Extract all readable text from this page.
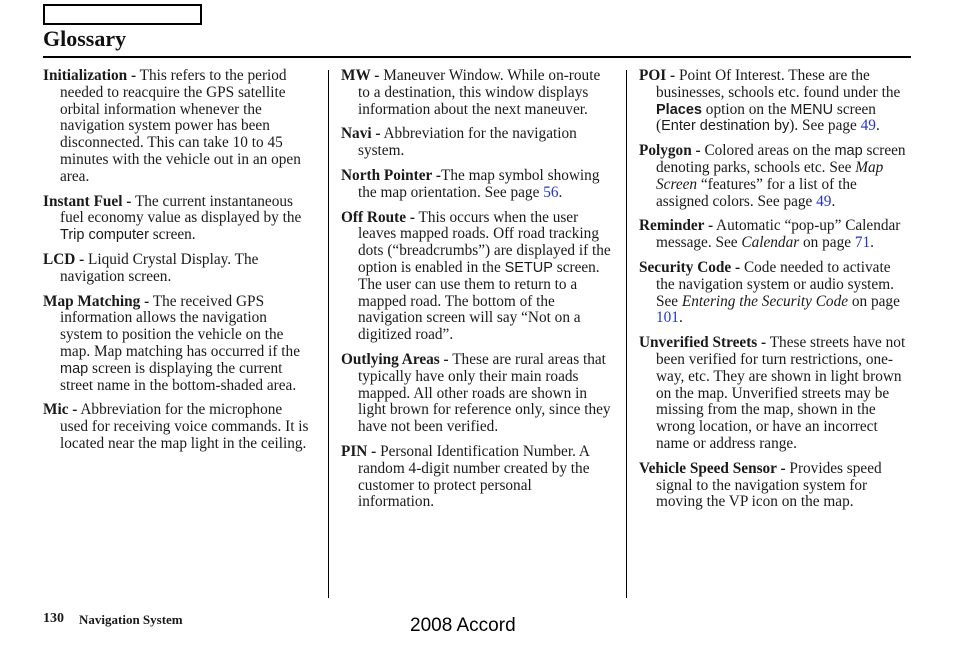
Glossary

Initialization - This refers to the period needed to reacquire the GPS satellite orbital information whenever the navigation system power has been disconnected. This can take 10 to 45 minutes with the vehicle out in an open area.

Instant Fuel - The current instantaneous fuel economy value as displayed by the Trip computer screen.

LCD - Liquid Crystal Display. The navigation screen.

Map Matching - The received GPS information allows the navigation system to position the vehicle on the map. Map matching has occurred if the map screen is displaying the current street name in the bottom-shaded area.

Mic - Abbreviation for the microphone used for receiving voice commands. It is located near the map light in the ceiling.

MW - Maneuver Window. While on-route to a destination, this window displays information about the next maneuver.

Navi - Abbreviation for the navigation system.

North Pointer -The map symbol showing the map orientation. See page 56.

Off Route - This occurs when the user leaves mapped roads. Off road tracking dots (“breadcrumbs”) are displayed if the option is enabled in the SETUP screen. The user can use them to return to a mapped road. The bottom of the navigation screen will say “Not on a digitized road”.

Outlying Areas - These are rural areas that typically have only their main roads mapped. All other roads are shown in light brown for reference only, since they have not been verified.

PIN - Personal Identification Number. A random 4-digit number created by the customer to protect personal information.

POI - Point Of Interest. These are the businesses, schools etc. found under the Places option on the MENU screen (Enter destination by). See page 49.

Polygon - Colored areas on the map screen denoting parks, schools etc. See Map Screen “features” for a list of the assigned colors. See page 49.

Reminder - Automatic “pop-up” Calendar message. See Calendar on page 71.

Security Code - Code needed to activate the navigation system or audio system. See Entering the Security Code on page 101.

Unverified Streets - These streets have not been verified for turn restrictions, one-way, etc. They are shown in light brown on the map. Unverified streets may be missing from the map, shown in the wrong location, or have an incorrect name or address range.

Vehicle Speed Sensor - Provides speed signal to the navigation system for moving the VP icon on the map.

130 Navigation System	2008 Accord
